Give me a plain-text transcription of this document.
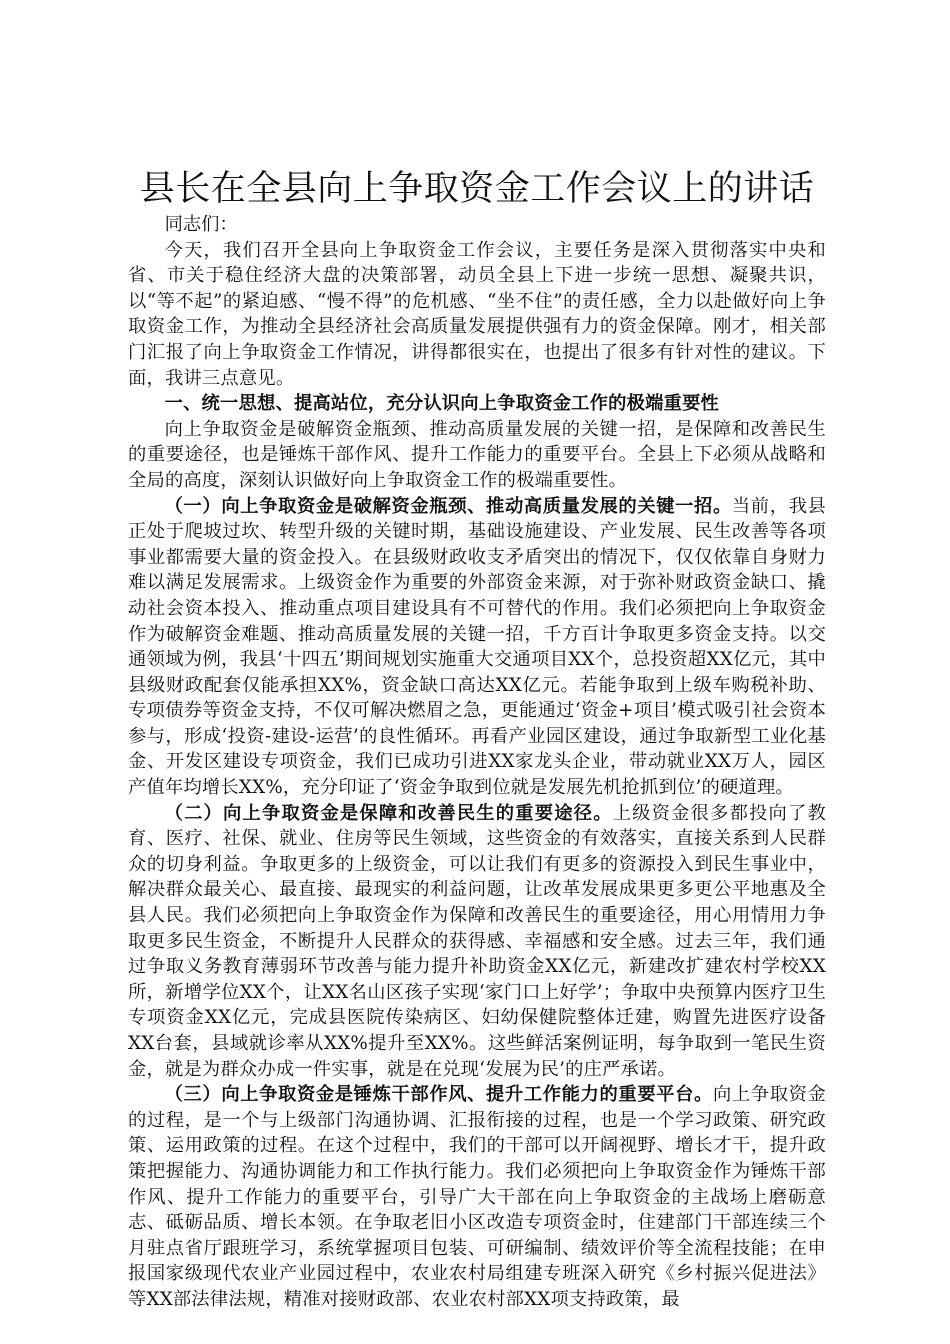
县长在全县向上争取资金工作会议上的讲话

同志们：

今天，我们召开全县向上争取资金工作会议，主要任务是深入贯彻落实中央和省、市关于稳住经济大盘的决策部署，动员全县上下进一步统一思想、凝聚共识，以“等不起”的紧迫感、“慢不得”的危机感、“坐不住”的责任感，全力以赴做好向上争取资金工作，为推动全县经济社会高质量发展提供强有力的资金保障。刚才，相关部门汇报了向上争取资金工作情况，讲得都很实在，也提出了很多有针对性的建议。下面，我讲三点意见。

一、统一思想、提高站位，充分认识向上争取资金工作的极端重要性

向上争取资金是破解资金瓶颈、推动高质量发展的关键一招，是保障和改善民生的重要途径，也是锤炼干部作风、提升工作能力的重要平台。全县上下必须从战略和全局的高度，深刻认识做好向上争取资金工作的极端重要性。

（一）向上争取资金是破解资金瓶颈、推动高质量发展的关键一招。当前，我县正处于爬坡过坎、转型升级的关键时期，基础设施建设、产业发展、民生改善等各项事业都需要大量的资金投入。在县级财政收支矛盾突出的情况下，仅仅依靠自身财力难以满足发展需求。上级资金作为重要的外部资金来源，对于弥补财政资金缺口、撬动社会资本投入、推动重点项目建设具有不可替代的作用。我们必须把向上争取资金作为破解资金难题、推动高质量发展的关键一招，千方百计争取更多资金支持。以交通领域为例，我县‘十四五’期间规划实施重大交通项目XX个，总投资超XX亿元，其中县级财政配套仅能承担XX%，资金缺口高达XX亿元。若能争取到上级车购税补助、专项债券等资金支持，不仅可解决燃眉之急，更能通过‘资金+项目’模式吸引社会资本参与，形成‘投资-建设-运营’的良性循环。再看产业园区建设，通过争取新型工业化基金、开发区建设专项资金，我们已成功引进XX家龙头企业，带动就业XX万人，园区产值年均增长XX%，充分印证了‘资金争取到位就是发展先机抢抓到位’的硬道理。

（二）向上争取资金是保障和改善民生的重要途径。上级资金很多都投向了教育、医疗、社保、就业、住房等民生领域，这些资金的有效落实，直接关系到人民群众的切身利益。争取更多的上级资金，可以让我们有更多的资源投入到民生事业中，解决群众最关心、最直接、最现实的利益问题，让改革发展成果更多更公平地惠及全县人民。我们必须把向上争取资金作为保障和改善民生的重要途径，用心用情用力争取更多民生资金，不断提升人民群众的获得感、幸福感和安全感。过去三年，我们通过争取义务教育薄弱环节改善与能力提升补助资金XX亿元，新建改扩建农村学校XX所，新增学位XX个，让XX名山区孩子实现‘家门口上好学’；争取中央预算内医疗卫生专项资金XX亿元，完成县医院传染病区、妇幼保健院整体迁建，购置先进医疗设备XX台套，县域就诊率从XX%提升至XX%。这些鲜活案例证明，每争取到一笔民生资金，就是为群众办成一件实事，就是在兑现‘发展为民’的庄严承诺。

（三）向上争取资金是锤炼干部作风、提升工作能力的重要平台。向上争取资金的过程，是一个与上级部门沟通协调、汇报衔接的过程，也是一个学习政策、研究政策、运用政策的过程。在这个过程中，我们的干部可以开阔视野、增长才干，提升政策把握能力、沟通协调能力和工作执行能力。我们必须把向上争取资金作为锤炼干部作风、提升工作能力的重要平台，引导广大干部在向上争取资金的主战场上磨砺意志、砥砺品质、增长本领。在争取老旧小区改造专项资金时，住建部门干部连续三个月驻点省厅跟班学习，系统掌握项目包装、可研编制、绩效评价等全流程技能；在申报国家级现代农业产业园过程中，农业农村局组建专班深入研究《乡村振兴促进法》等XX部法律法规，精准对接财政部、农业农村部XX项支持政策，最
